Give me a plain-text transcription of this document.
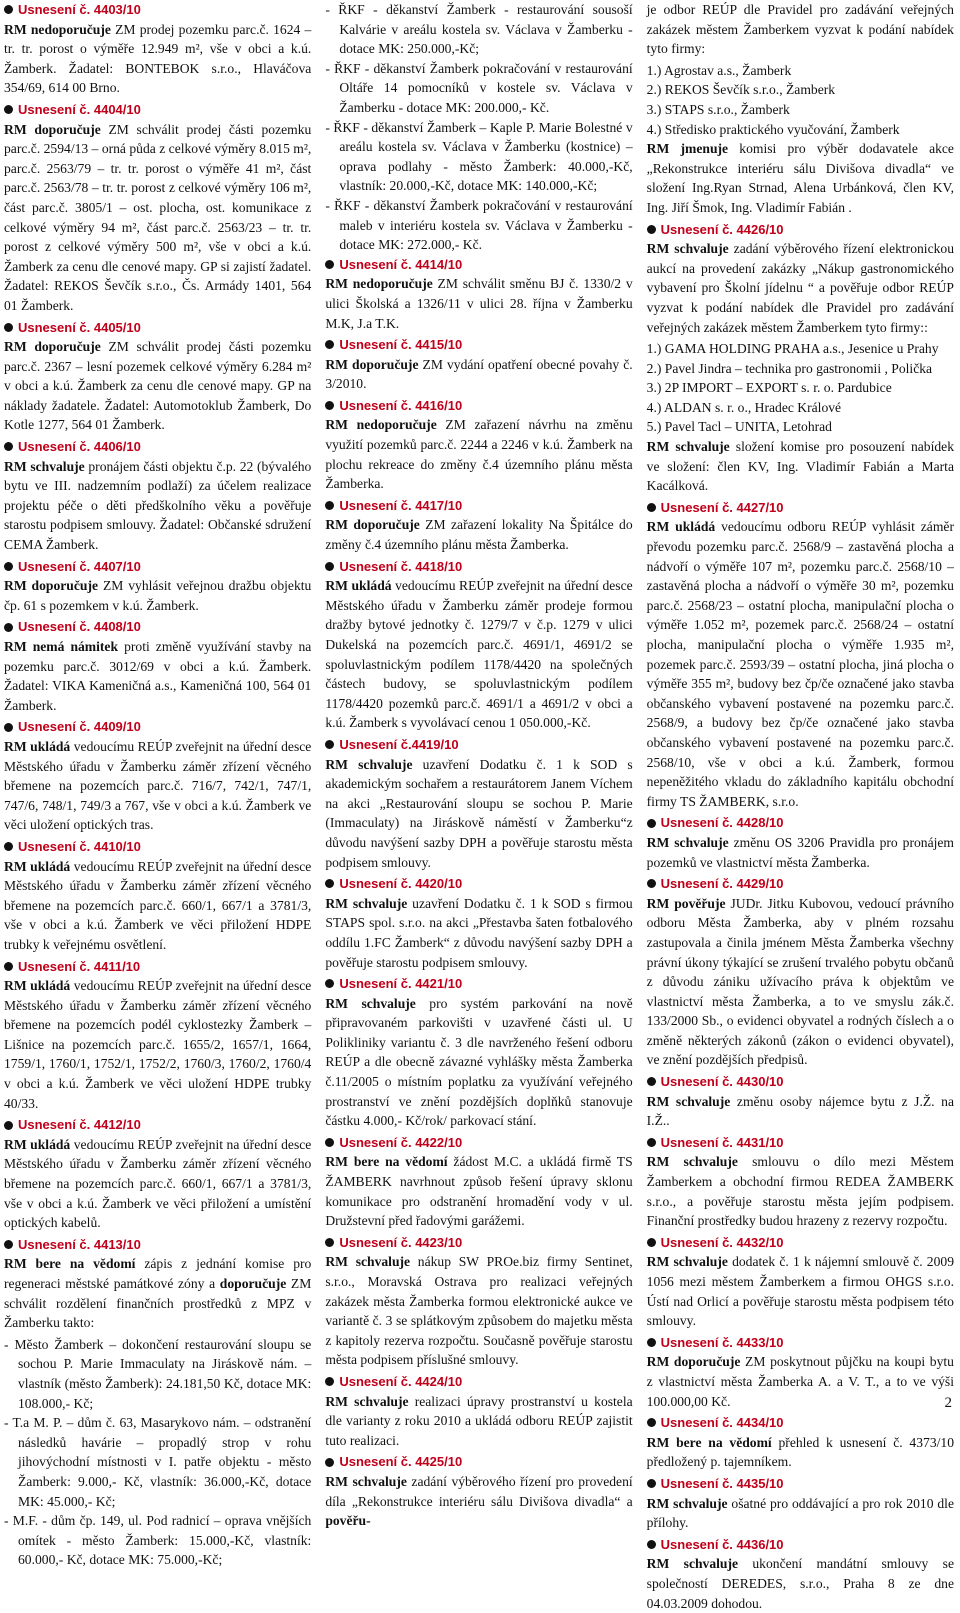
Usnesení č. 4403/10
RM nedoporučuje ZM prodej pozemku parc.č. 1624 – tr. tr. porost o výměře 12.949 m², vše v obci a k.ú. Žamberk. Žadatel: BONTEBOK s.r.o., Hlaváčova 354/69, 614 00 Brno.
Usnesení č. 4404/10
RM doporučuje ZM schválit prodej části pozemku parc.č. 2594/13 – orná půda z celkové výměry 8.015 m², parc.č. 2563/79 – tr. tr. porost o výměře 41 m², část parc.č. 2563/78 – tr. tr. porost z celkové výměry 106 m², část parc.č. 3805/1 – ost. plocha, ost. komunikace z celkové výměry 94 m², část parc.č. 2563/23 – tr. tr. porost z celkové výměry 500 m², vše v obci a k.ú. Žamberk za cenu dle cenové mapy. GP si zajistí žadatel. Žadatel: REKOS Ševčík s.r.o., Čs. Armády 1401, 564 01 Žamberk.
Usnesení č. 4405/10
RM doporučuje ZM schválit prodej části pozemku parc.č. 2367 – lesní pozemek celkové výměry 6.284 m² v obci a k.ú. Žamberk za cenu dle cenové mapy. GP na náklady žadatele. Žadatel: Automotoklub Žamberk, Do Kotle 1277, 564 01 Žamberk.
Usnesení č. 4406/10
RM schvaluje pronájem části objektu č.p. 22 (bývalého bytu ve III. nadzemním podlaží) za účelem realizace projektu péče o děti předškolního věku a pověřuje starostu podpisem smlouvy. Žadatel: Občanské sdružení CEMA Žamberk.
Usnesení č. 4407/10
RM doporučuje ZM vyhlásit veřejnou dražbu objektu čp. 61 s pozemkem v k.ú. Žamberk.
Usnesení č. 4408/10
RM nemá námitek proti změně využívání stavby na pozemku parc.č. 3012/69 v obci a k.ú. Žamberk. Žadatel: VIKA Kameničná a.s., Kameničná 100, 564 01 Žamberk.
Usnesení č. 4409/10
RM ukládá vedoucímu REÚP zveřejnit na úřední desce Městského úřadu v Žamberku záměr zřízení věcného břemene na pozemcích parc.č. 716/7, 742/1, 747/1, 747/6, 748/1, 749/3 a 767, vše v obci a k.ú. Žamberk ve věci uložení optických tras.
Usnesení č. 4410/10
RM ukládá vedoucímu REÚP zveřejnit na úřední desce Městského úřadu v Žamberku záměr zřízení věcného břemene na pozemcích parc.č. 660/1, 667/1 a 3781/3, vše v obci a k.ú. Žamberk ve věci přiložení HDPE trubky k veřejnému osvětlení.
Usnesení č. 4411/10
RM ukládá vedoucímu REÚP zveřejnit na úřední desce Městského úřadu v Žamberku záměr zřízení věcného břemene na pozemcích podél cyklostezky Žamberk – Lišnice na pozemcích parc.č. 1655/2, 1657/1, 1664, 1759/1, 1760/1, 1752/1, 1752/2, 1760/3, 1760/2, 1760/4 v obci a k.ú. Žamberk ve věci uložení HDPE trubky 40/33.
Usnesení č. 4412/10
RM ukládá vedoucímu REÚP zveřejnit na úřední desce Městského úřadu v Žamberku záměr zřízení věcného břemene na pozemcích parc.č. 660/1, 667/1 a 3781/3, vše v obci a k.ú. Žamberk ve věci přiložení a umístění optických kabelů.
Usnesení č. 4413/10
RM bere na vědomí zápis z jednání komise pro regeneraci městské památkové zóny a doporučuje ZM schválit rozdělení finančních prostředků z MPZ v Žamberku takto:
- Město Žamberk – dokončení restaurování sloupu se sochou P. Marie Immaculaty na Jiráskově nám. – vlastník (město Žamberk): 24.181,50 Kč, dotace MK: 108.000,- Kč;
- T.a M. P. – dům č. 63, Masarykovo nám. – odstranění následků havárie – propadlý strop v rohu jihovýchodní místnosti v I. patře objektu - město Žamberk: 9.000,- Kč, vlastník: 36.000,-Kč, dotace MK: 45.000,- Kč;
- M.F. - dům čp. 149, ul. Pod radnicí – oprava vnějších omítek - město Žamberk: 15.000,-Kč, vlastník: 60.000,- Kč, dotace MK: 75.000,-Kč;
- ŘKF - děkanství Žamberk - restaurování sousoší Kalvárie v areálu kostela sv. Václava v Žamberku - dotace MK: 250.000,-Kč;
- ŘKF - děkanství Žamberk pokračování v restaurování Oltáře 14 pomocníků v kostele sv. Václava v Žamberku - dotace MK: 200.000,- Kč.
- ŘKF - děkanství Žamberk – Kaple P. Marie Bolestné v areálu kostela sv. Václava v Žamberku (kostnice) – oprava podlahy - město Žamberk: 40.000,-Kč, vlastník: 20.000,-Kč, dotace MK: 140.000,-Kč;
- ŘKF - děkanství Žamberk pokračování v restaurování maleb v interiéru kostela sv. Václava v Žamberku - dotace MK: 272.000,- Kč.
Usnesení č. 4414/10
RM nedoporučuje ZM schválit směnu BJ č. 1330/2 v ulici Školská a 1326/11 v ulici 28. října v Žamberku M.K, J.a T.K.
Usnesení č. 4415/10
RM doporučuje ZM vydání opatření obecné povahy č. 3/2010.
Usnesení č. 4416/10
RM nedoporučuje ZM zařazení návrhu na změnu využití pozemků parc.č. 2244 a 2246 v k.ú. Žamberk na plochu rekreace do změny č.4 územního plánu města Žamberka.
Usnesení č. 4417/10
RM doporučuje ZM zařazení lokality Na Špitálce do změny č.4 územního plánu města Žamberka.
Usnesení č. 4418/10
RM ukládá vedoucímu REÚP zveřejnit na úřední desce Městského úřadu v Žamberku záměr prodeje formou dražby bytové jednotky č. 1279/7 v č.p. 1279 v ulici Dukelská na pozemcích parc.č. 4691/1, 4691/2 se spoluvlastnickým podílem 1178/4420 na společných částech budovy, se spoluvlastnickým podílem 1178/4420 pozemků parc.č. 4691/1 a 4691/2 v obci a k.ú. Žamberk s vyvolávací cenou 1 050.000,-Kč.
Usnesení č.4419/10
RM schvaluje uzavření Dodatku č. 1 k SOD s akademickým sochařem a restaurátorem Janem Víchem na akci „Restaurování sloupu se sochou P. Marie (Immaculaty) na Jiráskově náměstí v Žamberku“z důvodu navýšení sazby DPH a pověřuje starostu města podpisem smlouvy.
Usnesení č. 4420/10
RM schvaluje uzavření Dodatku č. 1 k SOD s firmou STAPS spol. s.r.o. na akci „Přestavba šaten fotbalového oddílu 1.FC Žamberk“ z důvodu navýšení sazby DPH a pověřuje starostu podpisem smlouvy.
Usnesení č. 4421/10
RM schvaluje pro systém parkování na nově připravovaném parkovišti v uzavřené části ul. U Polikliniky variantu č. 3 dle navrženého řešení odboru REÚP a dle obecně závazné vyhlášky města Žamberka č.11/2005 o místním poplatku za využívání veřejného prostranství ve znění pozdějších doplňků stanovuje částku 4.000,- Kč/rok/ parkovací stání.
Usnesení č. 4422/10
RM bere na vědomí žádost M.C. a ukládá firmě TS ŽAMBERK navrhnout způsob řešení úpravy sklonu komunikace pro odstranění hromadění vody v ul. Družstevní před řadovými garážemi.
Usnesení č. 4423/10
RM schvaluje nákup SW PROe.biz firmy Sentinet, s.r.o., Moravská Ostrava pro realizaci veřejných zakázek města Žamberka formou elektronické aukce ve variantě č. 3 se splátkovým způsobem do majetku města z kapitoly rezerva rozpočtu. Současně pověřuje starostu města podpisem příslušné smlouvy.
Usnesení č. 4424/10
RM schvaluje realizaci úpravy prostranství u kostela dle varianty z roku 2010 a ukládá odboru REÚP zajistit tuto realizaci.
Usnesení č. 4425/10
RM schvaluje zadání výběrového řízení pro provedení díla „Rekonstrukce interiéru sálu Divišova divadla“ a pověřu-
je odbor REÚP dle Pravidel pro zadávání veřejných zakázek městem Žamberkem vyzvat k podání nabídek tyto firmy:
1.) Agrostav a.s., Žamberk
2.) REKOS Ševčík s.r.o., Žamberk
3.) STAPS s.r.o., Žamberk
4.) Středisko praktického vyučování, Žamberk
RM jmenuje komisi pro výběr dodavatele akce „Rekonstrukce interiéru sálu Divišova divadla“ ve složení Ing.Ryan Strnad, Alena Urbánková, člen KV, Ing. Jiří Šmok, Ing. Vladimír Fabián .
Usnesení č. 4426/10
RM schvaluje zadání výběrového řízení elektronickou aukcí na provedení zakázky „Nákup gastronomického vybavení pro Školní jídelnu “ a pověřuje odbor REÚP vyzvat k podání nabídek dle Pravidel pro zadávání veřejných zakázek městem Žamberkem tyto firmy::
1.) GAMA HOLDING PRAHA a.s., Jesenice u Prahy
2.) Pavel Jindra – technika pro gastronomii , Polička
3.) 2P IMPORT – EXPORT s. r. o. Pardubice
4.) ALDAN s. r. o., Hradec Králové
5.) Pavel Tacl – UNITA, Letohrad
RM schvaluje složení komise pro posouzení nabídek ve složení: člen KV, Ing. Vladimír Fabián a Marta Kacálková.
Usnesení č. 4427/10
RM ukládá vedoucímu odboru REÚP vyhlásit záměr převodu pozemku parc.č. 2568/9 – zastavěná plocha a nádvoří o výměře 107 m², pozemku parc.č. 2568/10 – zastavěná plocha a nádvoří o výměře 30 m², pozemku parc.č. 2568/23 – ostatní plocha, manipulační plocha o výměře 1.052 m², pozemek parc.č. 2568/24 – ostatní plocha, manipulační plocha o výměře 1.935 m², pozemek parc.č. 2593/39 – ostatní plocha, jiná plocha o výměře 355 m², budovy bez čp/če označené jako stavba občanského vybavení postavené na pozemku parc.č. 2568/9, a budovy bez čp/če označené jako stavba občanského vybavení postavené na pozemku parc.č. 2568/10, vše v obci a k.ú. Žamberk, formou nepeněžitého vkladu do základního kapitálu obchodní firmy TS ŽAMBERK, s.r.o.
Usnesení č. 4428/10
RM schvaluje změnu OS 3206 Pravidla pro pronájem pozemků ve vlastnictví města Žamberka.
Usnesení č. 4429/10
RM pověřuje JUDr. Jitku Kubovou, vedoucí právního odboru Města Žamberka, aby v plném rozsahu zastupovala a činila jménem Města Žamberka všechny právní úkony týkající se zrušení trvalého pobytu občanů z důvodu zániku užívacího práva k objektům ve vlastnictví města Žamberka, a to ve smyslu zák.č. 133/2000 Sb., o evidenci obyvatel a rodných číslech a o změně některých zákonů (zákon o evidenci obyvatel), ve znění pozdějších předpisů.
Usnesení č. 4430/10
RM schvaluje změnu osoby nájemce bytu z J.Ž. na I.Ž..
Usnesení č. 4431/10
RM schvaluje smlouvu o dílo mezi Městem Žamberkem a obchodní firmou REDEA ŽAMBERK s.r.o., a pověřuje starostu města jejím podpisem. Finanční prostředky budou hrazeny z rezervy rozpočtu.
Usnesení č. 4432/10
RM schvaluje dodatek č. 1 k nájemní smlouvě č. 2009 1056 mezi městem Žamberkem a firmou OHGS s.r.o. Ústí nad Orlicí a pověřuje starostu města podpisem této smlouvy.
Usnesení č. 4433/10
RM doporučuje ZM poskytnout půjčku na koupi bytu z vlastnictví města Žamberka A. a V. T., a to ve výši 100.000,00 Kč.
Usnesení č. 4434/10
RM bere na vědomí přehled k usnesení č. 4373/10 předložený p. tajemníkem.
Usnesení č. 4435/10
RM schvaluje ošatné pro oddávající a pro rok 2010 dle přílohy.
Usnesení č. 4436/10
RM schvaluje ukončení mandátní smlouvy se společností DEREDES, s.r.o., Praha 8 ze dne 04.03.2009 dohodou.
2
